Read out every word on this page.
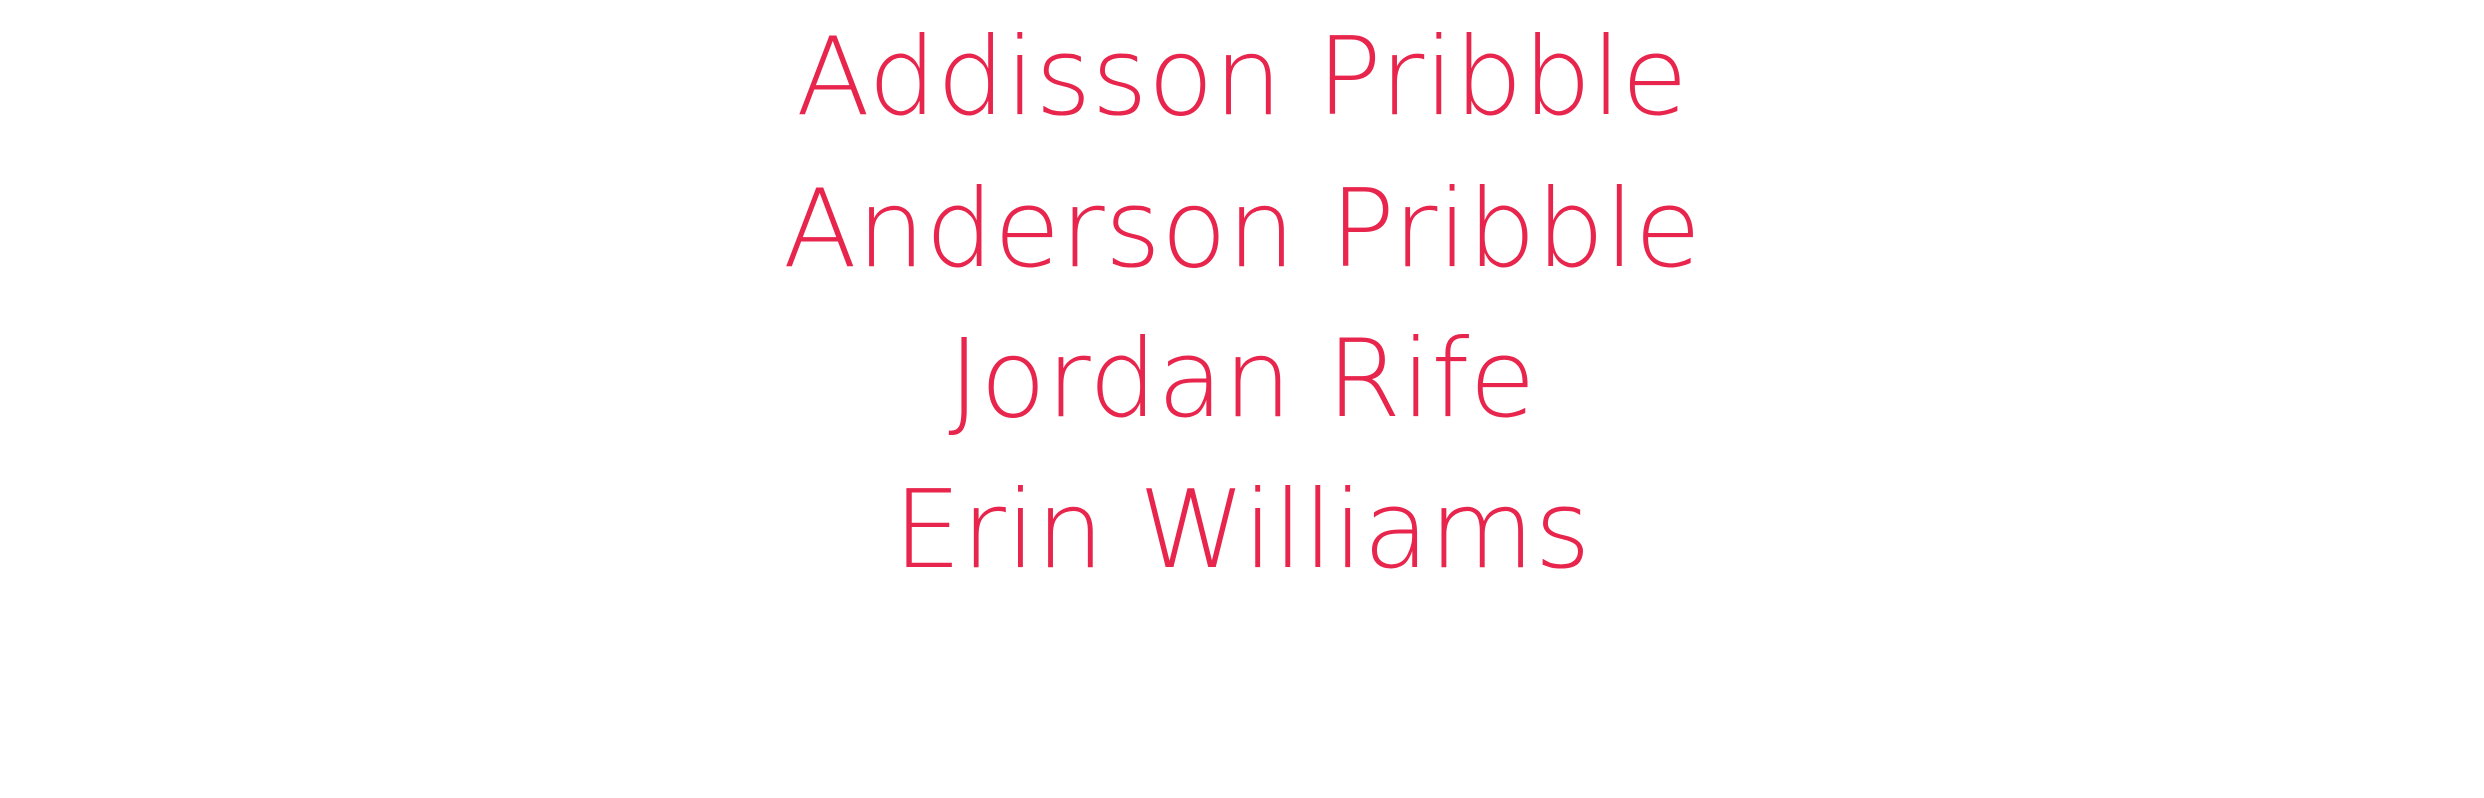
Addisson Pribble
Anderson Pribble
Jordan Rife
Erin Williams
